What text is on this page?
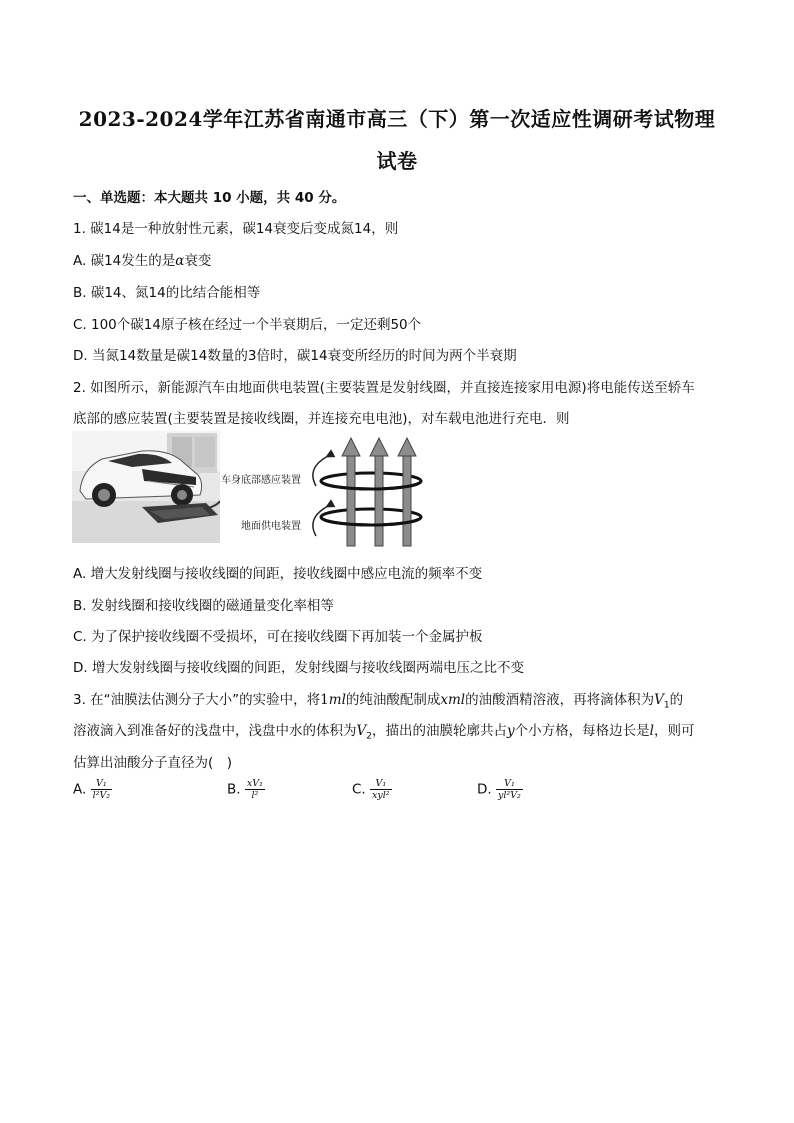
2023-2024学年江苏省南通市高三（下）第一次适应性调研考试物理
试卷
一、单选题：本大题共 10 小题，共 40 分。
1. 碳14是一种放射性元素，碳14衰变后变成氮14，则
A. 碳14发生的是α衰变
B. 碳14、氮14的比结合能相等
C. 100个碳14原子核在经过一个半衰期后，一定还剩50个
D. 当氮14数量是碳14数量的3倍时，碳14衰变所经历的时间为两个半衰期
2. 如图所示，新能源汽车由地面供电装置(主要装置是发射线圈，并直接连接家用电源)将电能传送至轿车
底部的感应装置(主要装置是接收线圈，并连接充电电池)，对车载电池进行充电．则
车身底部感应装置
地面供电装置
A. 增大发射线圈与接收线圈的间距，接收线圈中感应电流的频率不变
B. 发射线圈和接收线圈的磁通量变化率相等
C. 为了保护接收线圈不受损坏，可在接收线圈下再加装一个金属护板
D. 增大发射线圈与接收线圈的间距，发射线圈与接收线圈两端电压之比不变
3. 在“油膜法估测分子大小”的实验中，将1ml的纯油酸配制成xml的油酸酒精溶液，再将滴体积为$V_1$的
溶液滴入到准备好的浅盘中，浅盘中水的体积为$V_2$，描出的油膜轮廓共占y个小方格，每格边长是l，则可
估算出油酸分子直径为(　)
A. $\frac{\text{V₁}}{\text{l²V₂}}$	B. $\frac{\text{xV₁}}{\text{l²}}$	C. $\frac{\text{V₁}}{\text{xyl²}}$	D. $\frac{\text{V₁}}{\text{yl²V₂}}$
